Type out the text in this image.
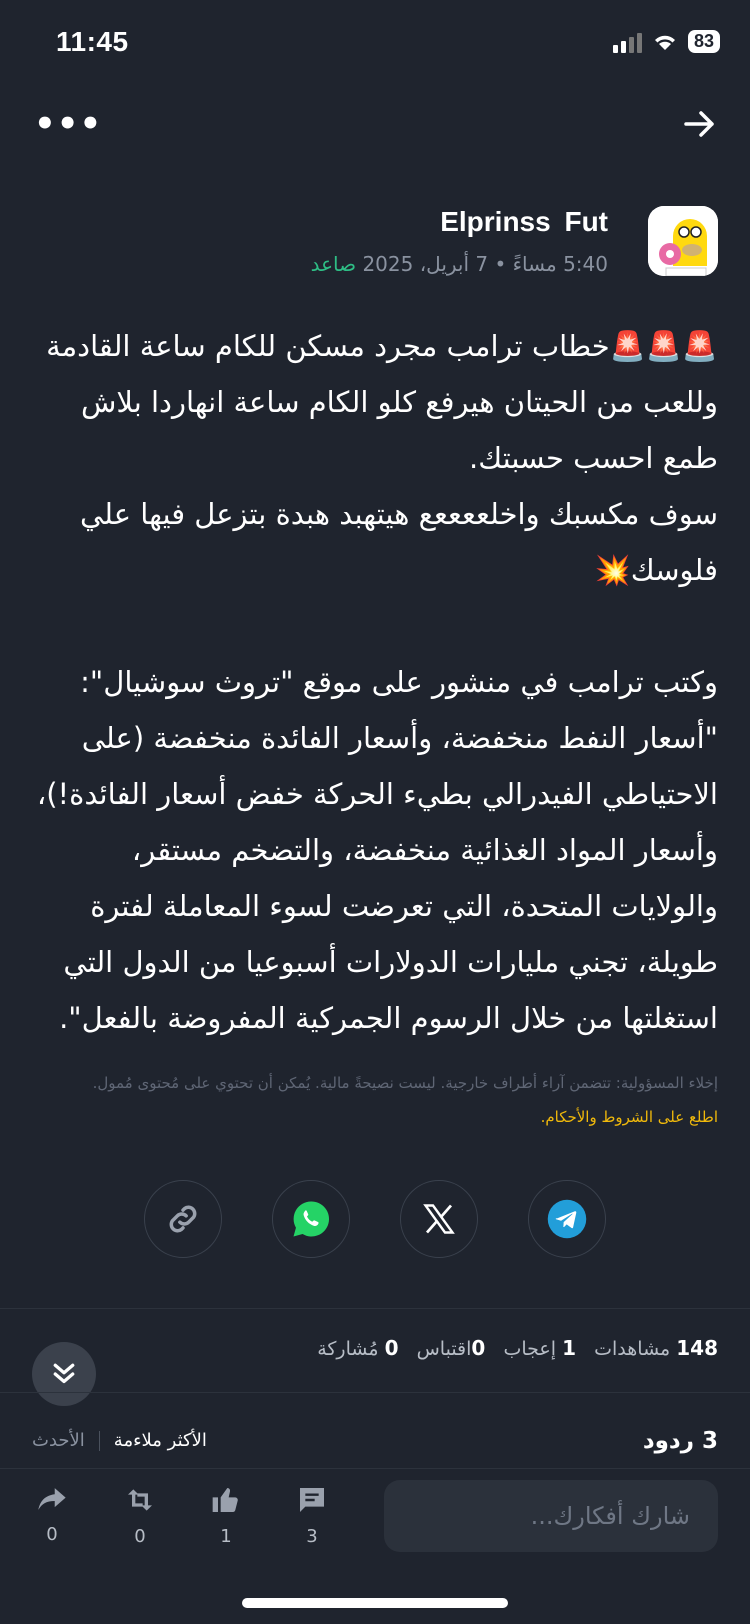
11:45	83
•••
Elprinss Fut
5:40 مساءً • 7 أبريل، 2025 صاعد
🚨🚨🚨خطاب ترامب مجرد مسكن للكام ساعة القادمة وللعب من الحيتان هيرفع كلو الكام ساعة انهاردا بلاش طمع احسب حسبتك.
سوف مكسبك واخلععععع هيتهبد هبدة بتزعل فيها علي فلوسك💥

وكتب ترامب في منشور على موقع "تروث سوشيال": "أسعار النفط منخفضة، وأسعار الفائدة منخفضة (على الاحتياطي الفيدرالي بطيء الحركة خفض أسعار الفائدة!)، وأسعار المواد الغذائية منخفضة، والتضخم مستقر، والولايات المتحدة، التي تعرضت لسوء المعاملة لفترة طويلة، تجني مليارات الدولارات أسبوعيا من الدول التي استغلتها من خلال الرسوم الجمركية المفروضة بالفعل".
إخلاء المسؤولية: تتضمن آراء أطراف خارجية. ليست نصيحةً مالية. يُمكن أن تحتوي على مُحتوى مُمول.
اطلع على الشروط والأحكام.
148 مشاهدات   1 إعجاب   0اقتباس   0 مُشاركة
3 ردود
الأكثر ملاءمة
الأحدث
شارك أفكارك...
0	0	1	3
